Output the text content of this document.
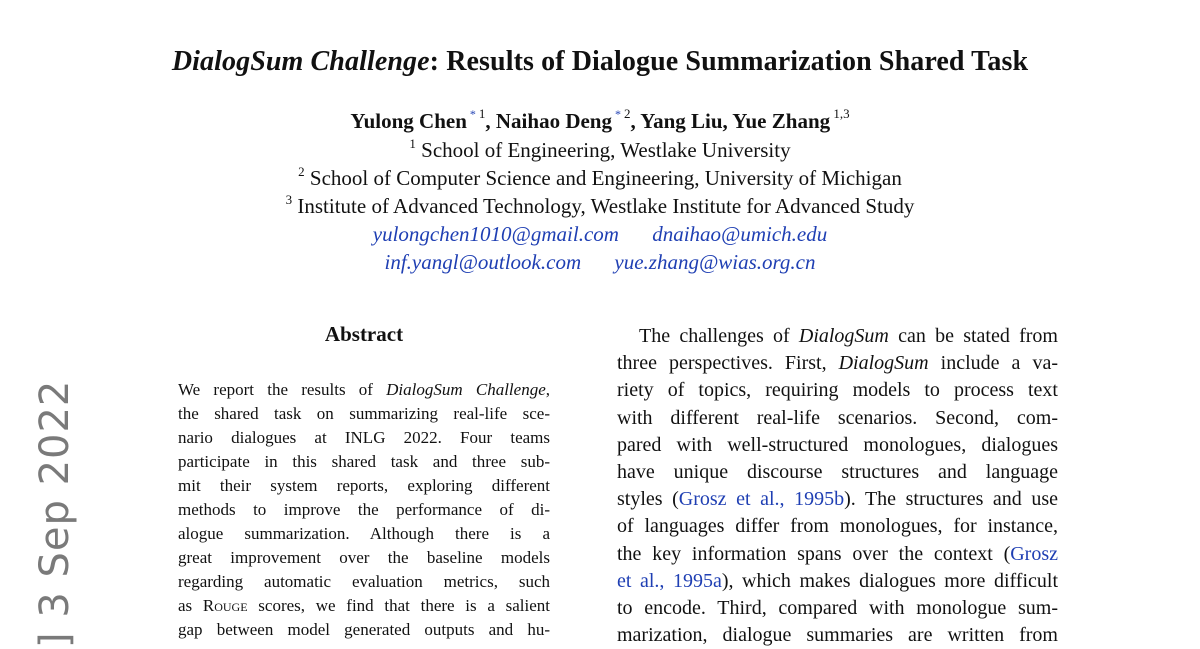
DialogSum Challenge: Results of Dialogue Summarization Shared Task
Yulong Chen $^{* 1}$, Naihao Deng $^{* 2}$, Yang Liu, Yue Zhang $^{1,3}$
$^1$ School of Engineering, Westlake University
$^2$ School of Computer Science and Engineering, University of Michigan
$^3$ Institute of Advanced Technology, Westlake Institute for Advanced Study
yulongchen1010@gmail.com dnaihao@umich.edu
inf.yangl@outlook.com yue.zhang@wias.org.cn
Abstract
We report the results of DialogSum Challenge,
the shared task on summarizing real-life sce-
nario dialogues at INLG 2022. Four teams
participate in this shared task and three sub-
mit their system reports, exploring different
methods to improve the performance of di-
alogue summarization. Although there is a
great improvement over the baseline models
regarding automatic evaluation metrics, such
as Rouge scores, we find that there is a salient
gap between model generated outputs and hu-
The challenges of DialogSum can be stated from
three perspectives. First, DialogSum include a va-
riety of topics, requiring models to process text
with different real-life scenarios. Second, com-
pared with well-structured monologues, dialogues
have unique discourse structures and language
styles (Grosz et al., 1995b). The structures and use
of languages differ from monologues, for instance,
the key information spans over the context (Grosz
et al., 1995a), which makes dialogues more difficult
to encode. Third, compared with monologue sum-
marization, dialogue summaries are written from
] 3 Sep 2022
